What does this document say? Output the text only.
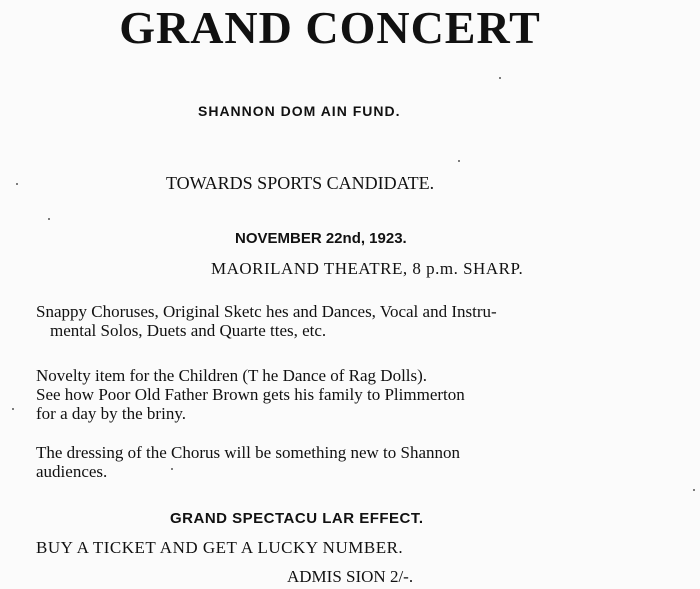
GRAND CONCERT
SHANNON DOM AIN FUND.
TOWARDS SPORTS CANDIDATE.
NOVEMBER 22nd, 1923.
MAORILAND THEATRE, 8 p.m. SHARP.
Snappy Choruses, Original Sketc hes and Dances, Vocal and Instru-
mental Solos, Duets and Quarte ttes, etc.
Novelty item for the Children (T he Dance of Rag Dolls).
See how Poor Old Father Brown gets his family to Plimmerton
for a day by the briny.
The dressing of the Chorus will be something new to Shannon
audiences.
GRAND SPECTACU LAR EFFECT.
BUY A TICKET AND GET A LUCKY NUMBER.
ADMIS SION 2/-.
